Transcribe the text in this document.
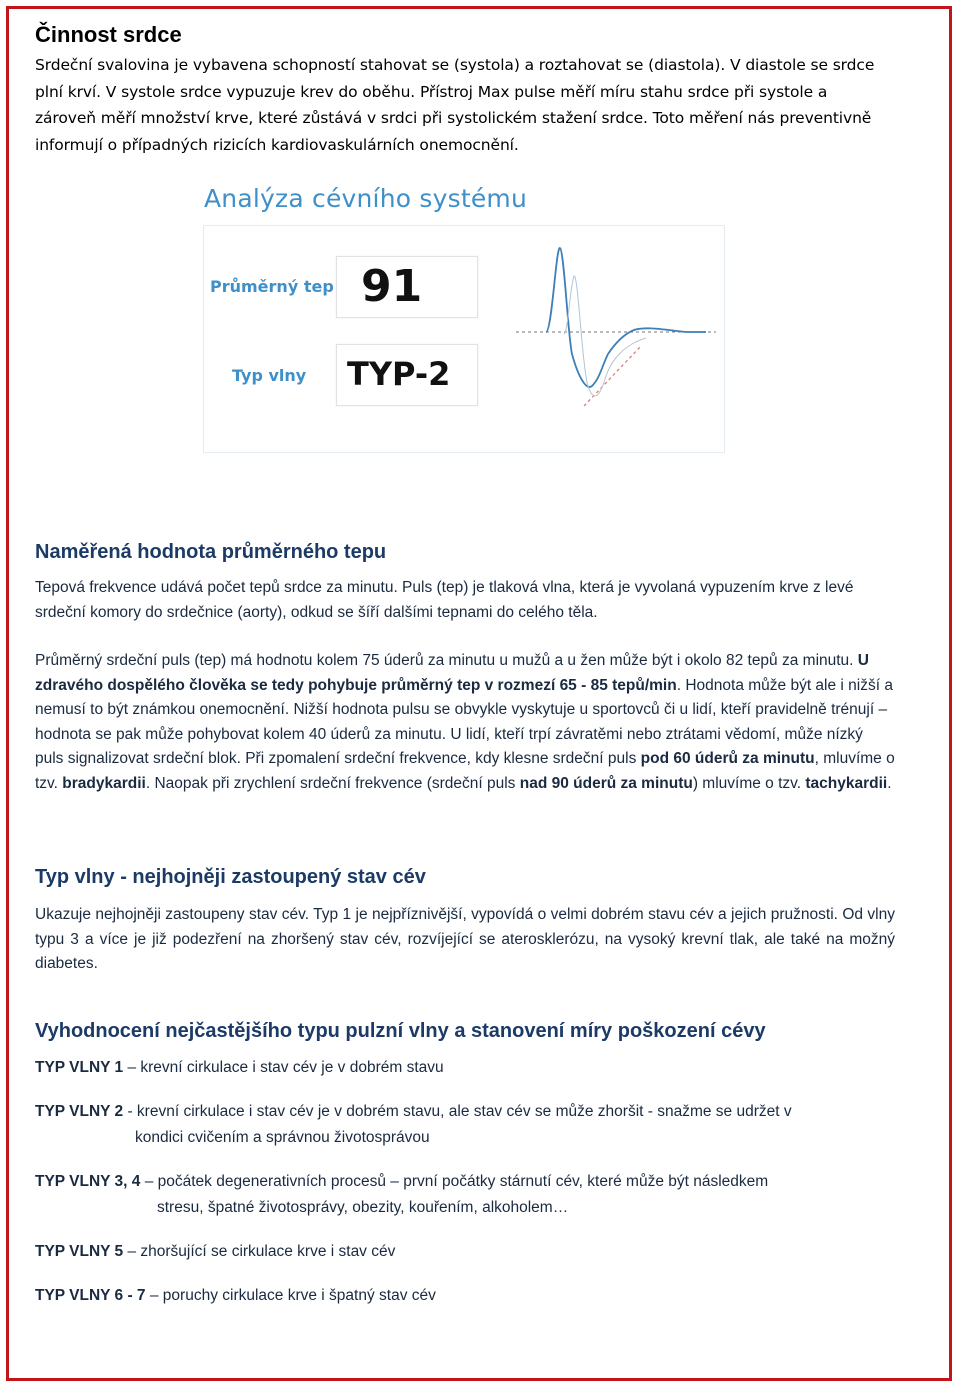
Činnost srdce

Srdeční svalovina je vybavena schopností stahovat se (systola) a roztahovat se (diastola). V diastole se srdce
plní krví. V systole srdce vypuzuje krev do oběhu. Přístroj Max pulse měří míru stahu srdce při systole a
zároveň měří množství krve, které zůstává v srdci při systolickém stažení srdce. Toto měření nás preventivně
informují o případných rizicích kardiovaskulárních onemocnění.

Analýza cévního systému
Průměrný tep 91
Typ vlny TYP-2
Naměřená hodnota průměrného tepu

Tepová frekvence udává počet tepů srdce za minutu. Puls (tep) je tlaková vlna, která je vyvolaná vypuzením krve z levé srdeční komory do srdečnice (aorty), odkud se šíří dalšími tepnami do celého těla.

Průměrný srdeční puls (tep) má hodnotu kolem 75 úderů za minutu u mužů a u žen může být i okolo 82 tepů za minutu. U zdravého dospělého člověka se tedy pohybuje průměrný tep v rozmezí 65 - 85 tepů/min. Hodnota může být ale i nižší a nemusí to být známkou onemocnění. Nižší hodnota pulsu se obvykle vyskytuje u sportovců či u lidí, kteří pravidelně trénují – hodnota se pak může pohybovat kolem 40 úderů za minutu. U lidí, kteří trpí závratěmi nebo ztrátami vědomí, může nízký puls signalizovat srdeční blok. Při zpomalení srdeční frekvence, kdy klesne srdeční puls pod 60 úderů za minutu, mluvíme o tzv. bradykardii. Naopak při zrychlení srdeční frekvence (srdeční puls nad 90 úderů za minutu) mluvíme o tzv. tachykardii.

Typ vlny - nejhojněji zastoupený stav cév

Ukazuje nejhojněji zastoupeny stav cév. Typ 1 je nejpříznivější, vypovídá o velmi dobrém stavu cév a jejich pružnosti. Od vlny typu 3 a více je již podezření na zhoršený stav cév, rozvíjející se aterosklerózu, na vysoký krevní tlak, ale také na možný diabetes.

Vyhodnocení nejčastějšího typu pulzní vlny a stanovení míry poškození cévy
TYP VLNY 1 – krevní cirkulace i stav cév je v dobrém stavu
TYP VLNY 2 - krevní cirkulace i stav cév je v dobrém stavu, ale stav cév se může zhoršit - snažme se udržet v
kondici cvičením a správnou životosprávou
TYP VLNY 3, 4 – počátek degenerativních procesů – první počátky stárnutí cév, které může být následkem
stresu, špatné životosprávy, obezity, kouřením, alkoholem…
TYP VLNY 5 – zhoršující se cirkulace krve i stav cév
TYP VLNY 6 - 7 – poruchy cirkulace krve i špatný stav cév
